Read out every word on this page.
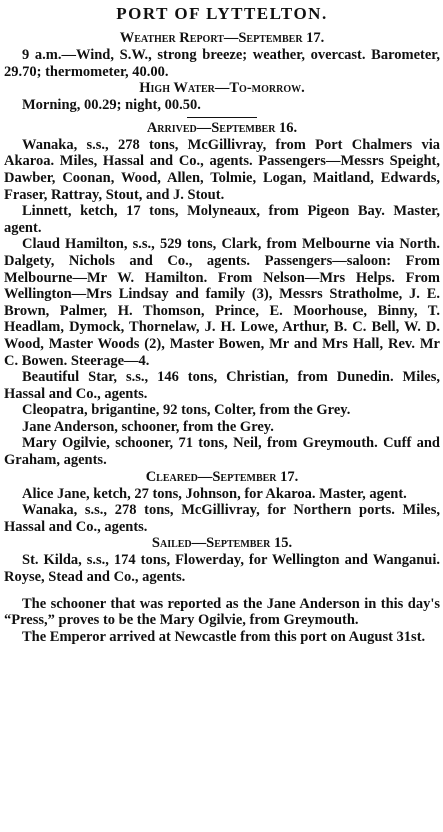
PORT OF LYTTELTON.
Weather Report—September 17.

9 a.m.—Wind, S.W., strong breeze; weather, overcast. Barometer, 29.70; thermometer, 40.00.

High Water—To-morrow.

Morning, 00.29; night, 00.50.

Arrived—September 16.

Wanaka, s.s., 278 tons, McGillivray, from Port Chalmers via Akaroa. Miles, Hassal and Co., agents. Passengers—Messrs Speight, Dawber, Coonan, Wood, Allen, Tolmie, Logan, Maitland, Edwards, Fraser, Rattray, Stout, and J. Stout.

Linnett, ketch, 17 tons, Molyneaux, from Pigeon Bay. Master, agent.

Claud Hamilton, s.s., 529 tons, Clark, from Melbourne via North. Dalgety, Nichols and Co., agents. Passengers—saloon: From Melbourne—Mr W. Hamilton. From Nelson—Mrs Helps. From Wellington—Mrs Lindsay and family (3), Messrs Stratholme, J. E. Brown, Palmer, H. Thomson, Prince, E. Moorhouse, Binny, T. Headlam, Dymock, Thornelaw, J. H. Lowe, Arthur, B. C. Bell, W. D. Wood, Master Woods (2), Master Bowen, Mr and Mrs Hall, Rev. Mr C. Bowen. Steerage—4.

Beautiful Star, s.s., 146 tons, Christian, from Dunedin. Miles, Hassal and Co., agents.

Cleopatra, brigantine, 92 tons, Colter, from the Grey.

Jane Anderson, schooner, from the Grey.

Mary Ogilvie, schooner, 71 tons, Neil, from Greymouth. Cuff and Graham, agents.

Cleared—September 17.

Alice Jane, ketch, 27 tons, Johnson, for Akaroa. Master, agent.

Wanaka, s.s., 278 tons, McGillivray, for Northern ports. Miles, Hassal and Co., agents.

Sailed—September 15.

St. Kilda, s.s., 174 tons, Flowerday, for Wellington and Wanganui. Royse, Stead and Co., agents.

The schooner that was reported as the Jane Anderson in this day's “Press,” proves to be the Mary Ogilvie, from Greymouth.

The Emperor arrived at Newcastle from this port on August 31st.
